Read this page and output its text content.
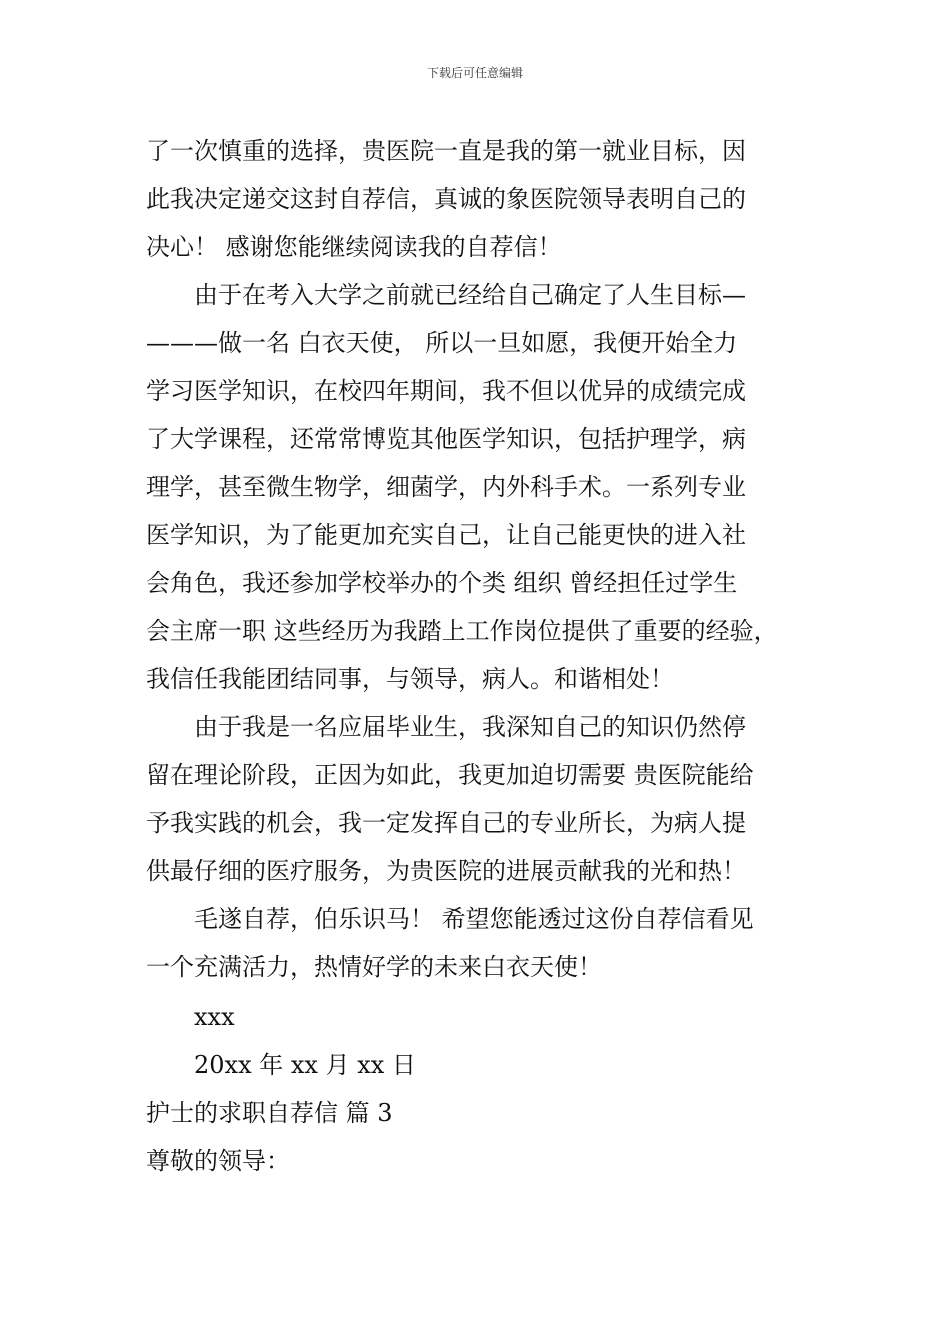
下载后可任意编辑
了一次慎重的选择，贵医院一直是我的第一就业目标，因
此我决定递交这封自荐信，真诚的象医院领导表明自己的
决心！ 感谢您能继续阅读我的自荐信！
　　由于在考入大学之前就已经给自己确定了人生目标—
———做一名 白衣天使， 所以一旦如愿，我便开始全力
学习医学知识，在校四年期间，我不但以优异的成绩完成
了大学课程，还常常博览其他医学知识，包括护理学，病
理学，甚至微生物学，细菌学，内外科手术。一系列专业
医学知识，为了能更加充实自己，让自己能更快的进入社
会角色，我还参加学校举办的个类 组织 曾经担任过学生
会主席一职 这些经历为我踏上工作岗位提供了重要的经验，
我信任我能团结同事，与领导，病人。和谐相处！
　　由于我是一名应届毕业生，我深知自己的知识仍然停
留在理论阶段，正因为如此，我更加迫切需要 贵医院能给
予我实践的机会，我一定发挥自己的专业所长，为病人提
供最仔细的医疗服务，为贵医院的进展贡献我的光和热！
　　毛遂自荐，伯乐识马！ 希望您能透过这份自荐信看见
一个充满活力，热情好学的未来白衣天使！
xxx
20xx 年 xx 月 xx 日
护士的求职自荐信 篇 3
尊敬的领导：
